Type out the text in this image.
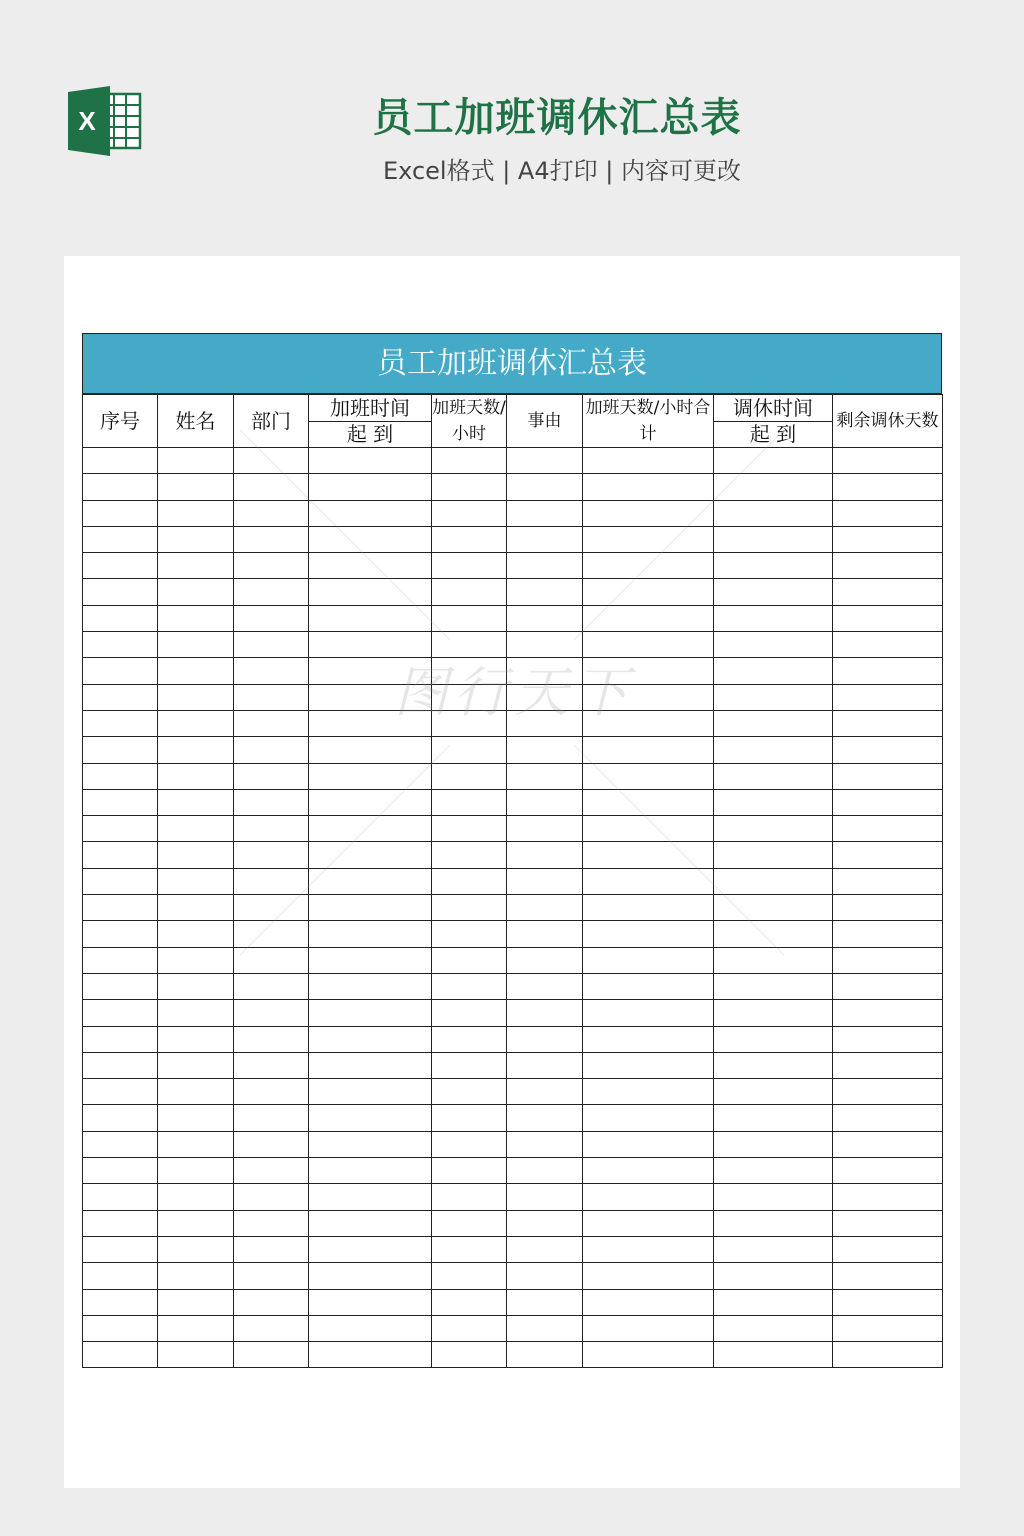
X	员工加班调休汇总表
Excel格式 | A4打印 | 内容可更改
员工加班调休汇总表
序号	姓名	部门	加班时间	加班天数/小时	事由	加班天数/小时合计	调休时间	剩余调休天数
			起 到				起 到	

图行天下
